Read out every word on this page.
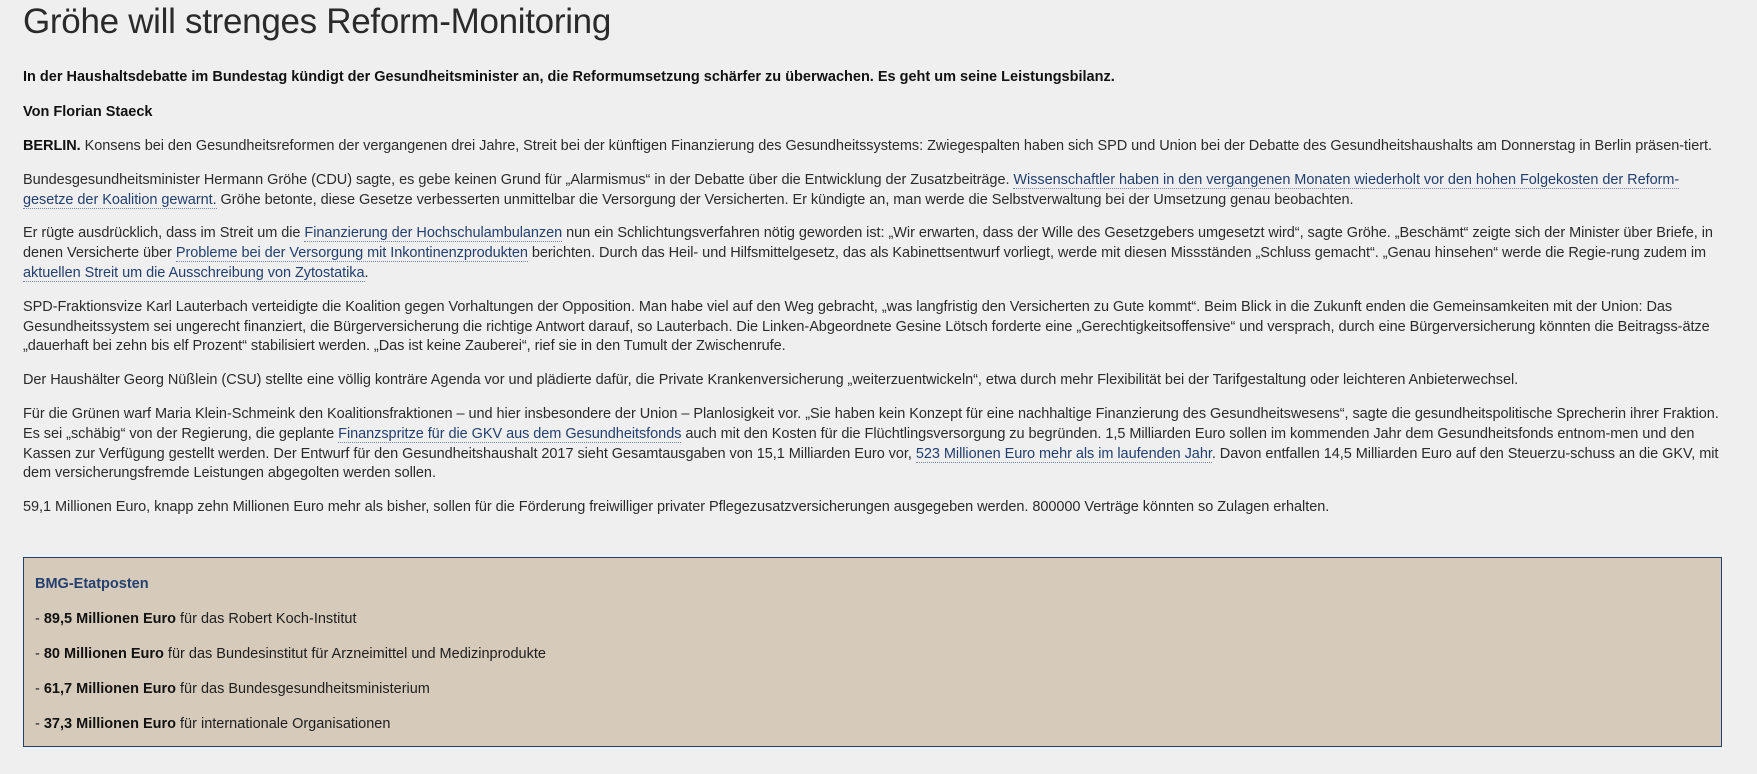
Gröhe will strenges Reform-Monitoring
In der Haushaltsdebatte im Bundestag kündigt der Gesundheitsminister an, die Reformumsetzung schärfer zu überwachen. Es geht um seine Leistungsbilanz.
Von Florian Staeck

BERLIN. Konsens bei den Gesundheitsreformen der vergangenen drei Jahre, Streit bei der künftigen Finanzierung des Gesundheitssystems: Zwiegespalten haben sich SPD und Union bei der Debatte des Gesundheitshaushalts am Donnerstag in Berlin präsen-tiert.

Bundesgesundheitsminister Hermann Gröhe (CDU) sagte, es gebe keinen Grund für „Alarmismus“ in der Debatte über die Entwicklung der Zusatzbeiträge. Wissenschaftler haben in den vergangenen Monaten wiederholt vor den hohen Folgekosten der Reform-gesetze der Koalition gewarnt. Gröhe betonte, diese Gesetze verbesserten unmittelbar die Versorgung der Versicherten. Er kündigte an, man werde die Selbstverwaltung bei der Umsetzung genau beobachten.

Er rügte ausdrücklich, dass im Streit um die Finanzierung der Hochschulambulanzen nun ein Schlichtungsverfahren nötig geworden ist: „Wir erwarten, dass der Wille des Gesetzgebers umgesetzt wird“, sagte Gröhe. „Beschämt“ zeigte sich der Minister über Briefe, in denen Versicherte über Probleme bei der Versorgung mit Inkontinenzprodukten berichten. Durch das Heil- und Hilfsmittelgesetz, das als Kabinettsentwurf vorliegt, werde mit diesen Missständen „Schluss gemacht“. „Genau hinsehen“ werde die Regie-rung zudem im aktuellen Streit um die Ausschreibung von Zytostatika.

SPD-Fraktionsvize Karl Lauterbach verteidigte die Koalition gegen Vorhaltungen der Opposition. Man habe viel auf den Weg gebracht, „was langfristig den Versicherten zu Gute kommt“. Beim Blick in die Zukunft enden die Gemeinsamkeiten mit der Union: Das Gesundheitssystem sei ungerecht finanziert, die Bürgerversicherung die richtige Antwort darauf, so Lauterbach. Die Linken-Abgeordnete Gesine Lötsch forderte eine „Gerechtigkeitsoffensive“ und versprach, durch eine Bürgerversicherung könnten die Beitragss-ätze „dauerhaft bei zehn bis elf Prozent“ stabilisiert werden. „Das ist keine Zauberei“, rief sie in den Tumult der Zwischenrufe.

Der Haushälter Georg Nüßlein (CSU) stellte eine völlig konträre Agenda vor und plädierte dafür, die Private Krankenversicherung „weiterzuentwickeln“, etwa durch mehr Flexibilität bei der Tarifgestaltung oder leichteren Anbieterwechsel.

Für die Grünen warf Maria Klein-Schmeink den Koalitionsfraktionen – und hier insbesondere der Union – Planlosigkeit vor. „Sie haben kein Konzept für eine nachhaltige Finanzierung des Gesundheitswesens“, sagte die gesundheitspolitische Sprecherin ihrer Fraktion. Es sei „schäbig“ von der Regierung, die geplante Finanzspritze für die GKV aus dem Gesundheitsfonds auch mit den Kosten für die Flüchtlingsversorgung zu begründen. 1,5 Milliarden Euro sollen im kommenden Jahr dem Gesundheitsfonds entnom-men und den Kassen zur Verfügung gestellt werden. Der Entwurf für den Gesundheitshaushalt 2017 sieht Gesamtausgaben von 15,1 Milliarden Euro vor, 523 Millionen Euro mehr als im laufenden Jahr. Davon entfallen 14,5 Milliarden Euro auf den Steuerzu-schuss an die GKV, mit dem versicherungsfremde Leistungen abgegolten werden sollen.

59,1 Millionen Euro, knapp zehn Millionen Euro mehr als bisher, sollen für die Förderung freiwilliger privater Pflegezusatzversicherungen ausgegeben werden. 800000 Verträge könnten so Zulagen erhalten.

BMG-Etatposten
- 89,5 Millionen Euro für das Robert Koch-Institut
- 80 Millionen Euro für das Bundesinstitut für Arzneimittel und Medizinprodukte
- 61,7 Millionen Euro für das Bundesgesundheitsministerium
- 37,3 Millionen Euro für internationale Organisationen
